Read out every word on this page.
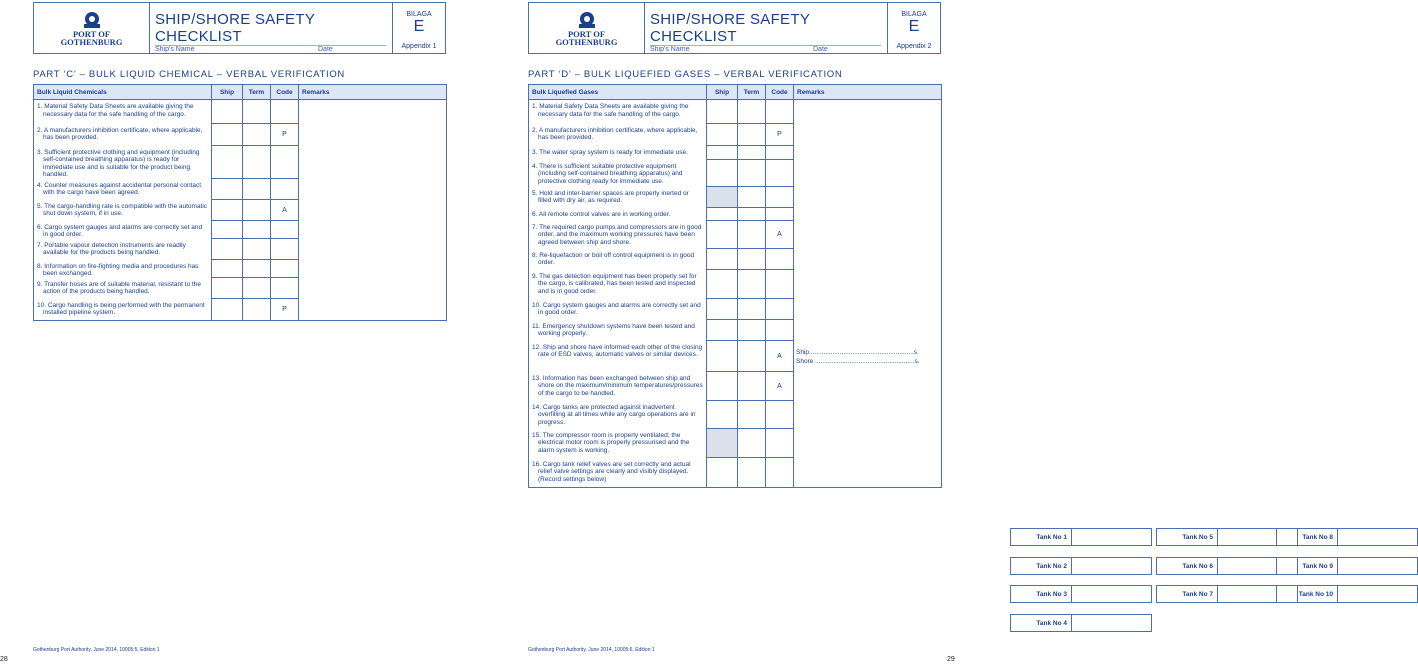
PORT OF
GOTHENBURG
SHIP/SHORE SAFETY CHECKLIST
Ship's Name	Date
BILAGA
E
Appendix 1
PART ‘C’ – BULK LIQUID CHEMICAL – VERBAL VERIFICATION
Bulk Liquid Chemicals	Ship	Term	Code	Remarks

1. Material Safety Data Sheets are available giving the necessary data for the safe handling of the cargo.				

2. A manufacturers inhibition certificate, where applicable, has been provided.			P	

3. Sufficient protective clothing and equipment (including self-contained breathing apparatus) is ready for immediate use and is suitable for the product being handled.				

4. Counter measures against accidental personal contact with the cargo have been agreed.				

5. The cargo-handling rate is compatible with the automatic shut down system, if in use.			A	

6. Cargo system gauges and alarms are correctly set and in good order.				

7. Portable vapour detection instruments are readily available for the products being handled.				

8. Information on fire-fighting media and procedures has been exchanged.				

9. Transfer hoses are of suitable material, resistant to the action of the products being handled.				

10. Cargo handling is being performed with the permanent installed pipeline system.			P	
Gothenburg Port Authority, June 2014, 10005:5, Edition 1
28
PORT OF
GOTHENBURG
SHIP/SHORE SAFETY CHECKLIST
Ship's Name	Date
BILAGA
E
Appendix 2
PART ‘D’ – BULK LIQUEFIED GASES – VERBAL VERIFICATION
Bulk Liquefied Gases	Ship	Term	Code	Remarks

1. Material Safety Data Sheets are available giving the necessary data for the safe handling of the cargo.				

2. A manufacturers inhibition certificate, where applicable, has been provided.			P	

3. The water spray system is ready for immediate use.				

4. There is sufficient suitable protective equipment (including self-contained breathing apparatus) and protective clothing ready for immediate use.				

5. Hold and inter-barrier spaces are properly inerted or filled with dry air, as required.				

6. All remote control valves are in working order.				

7. The required cargo pumps and compressors are in good order, and the maximum working pressures have been agreed between ship and shore.			A	

8. Re-liquefaction or boil off control equipment is in good order.				

9. The gas detection equipment has been properly set for the cargo, is calibrated, has been tested and inspected and is in good order.				

10. Cargo system gauges and alarms are correctly set and in good order.				

11. Emergency shutdown systems have been tested and working properly.				

12. Ship and shore have informed each other of the closing rate of ESD valves, automatic valves or similar devices.			A	Ship..........................................................s.
Shore .......................................................s.

13. Information has been exchanged between ship and shore on the maximum/minimum temperatures/pressures of the cargo to be handled.			A	

14. Cargo tanks are protected against inadvertent overfilling at all times while any cargo operations are in progress.				

15. The compressor room is properly ventilated; the electrical motor room is properly pressurised and the alarm system is working.				

16. Cargo tank relief valves are set correctly and actual relief valve settings are clearly and visibly displayed. (Record settings below)				

Tank No 1
Tank No 2
Tank No 3
Tank No 4
Tank No 5
Tank No 6
Tank No 7
Tank No 8
Tank No 9
Tank No 10
Gothenburg Port Authority, June 2014, 10005:6, Edition 1
29
